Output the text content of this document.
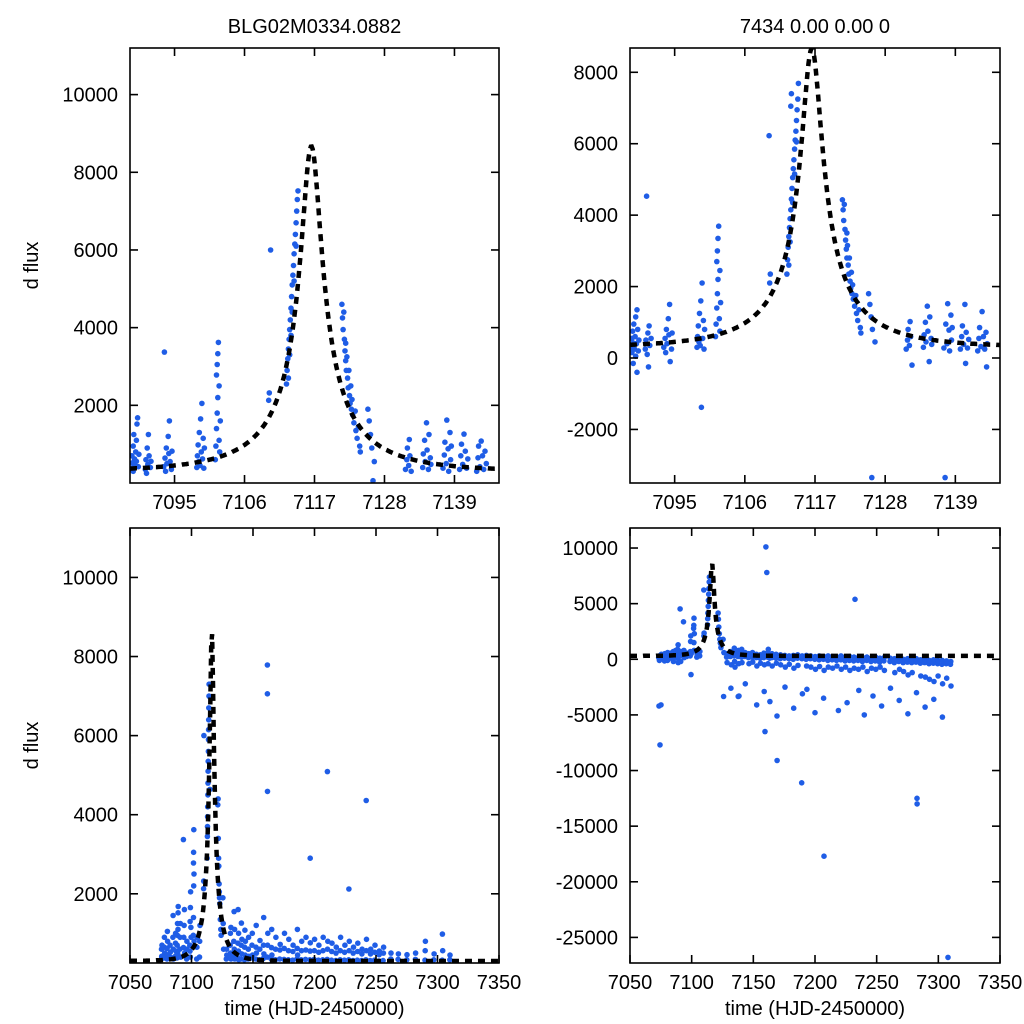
7095 7106 7117 7128 7139
2000
4000
6000
8000
10000
BLG02M0334.0882
d flux
7095 7106 7117 7128 7139
-2000
0
2000
4000
6000
8000
7434 0.00 0.00 0
7050 7100 7150 7200 7250 7300 7350
2000
4000
6000
8000
10000
time (HJD-2450000)
d flux
7050 7100 7150 7200 7250 7300 7350
-25000
-20000
-15000
-10000
-5000
0
5000
10000
time (HJD-2450000)
